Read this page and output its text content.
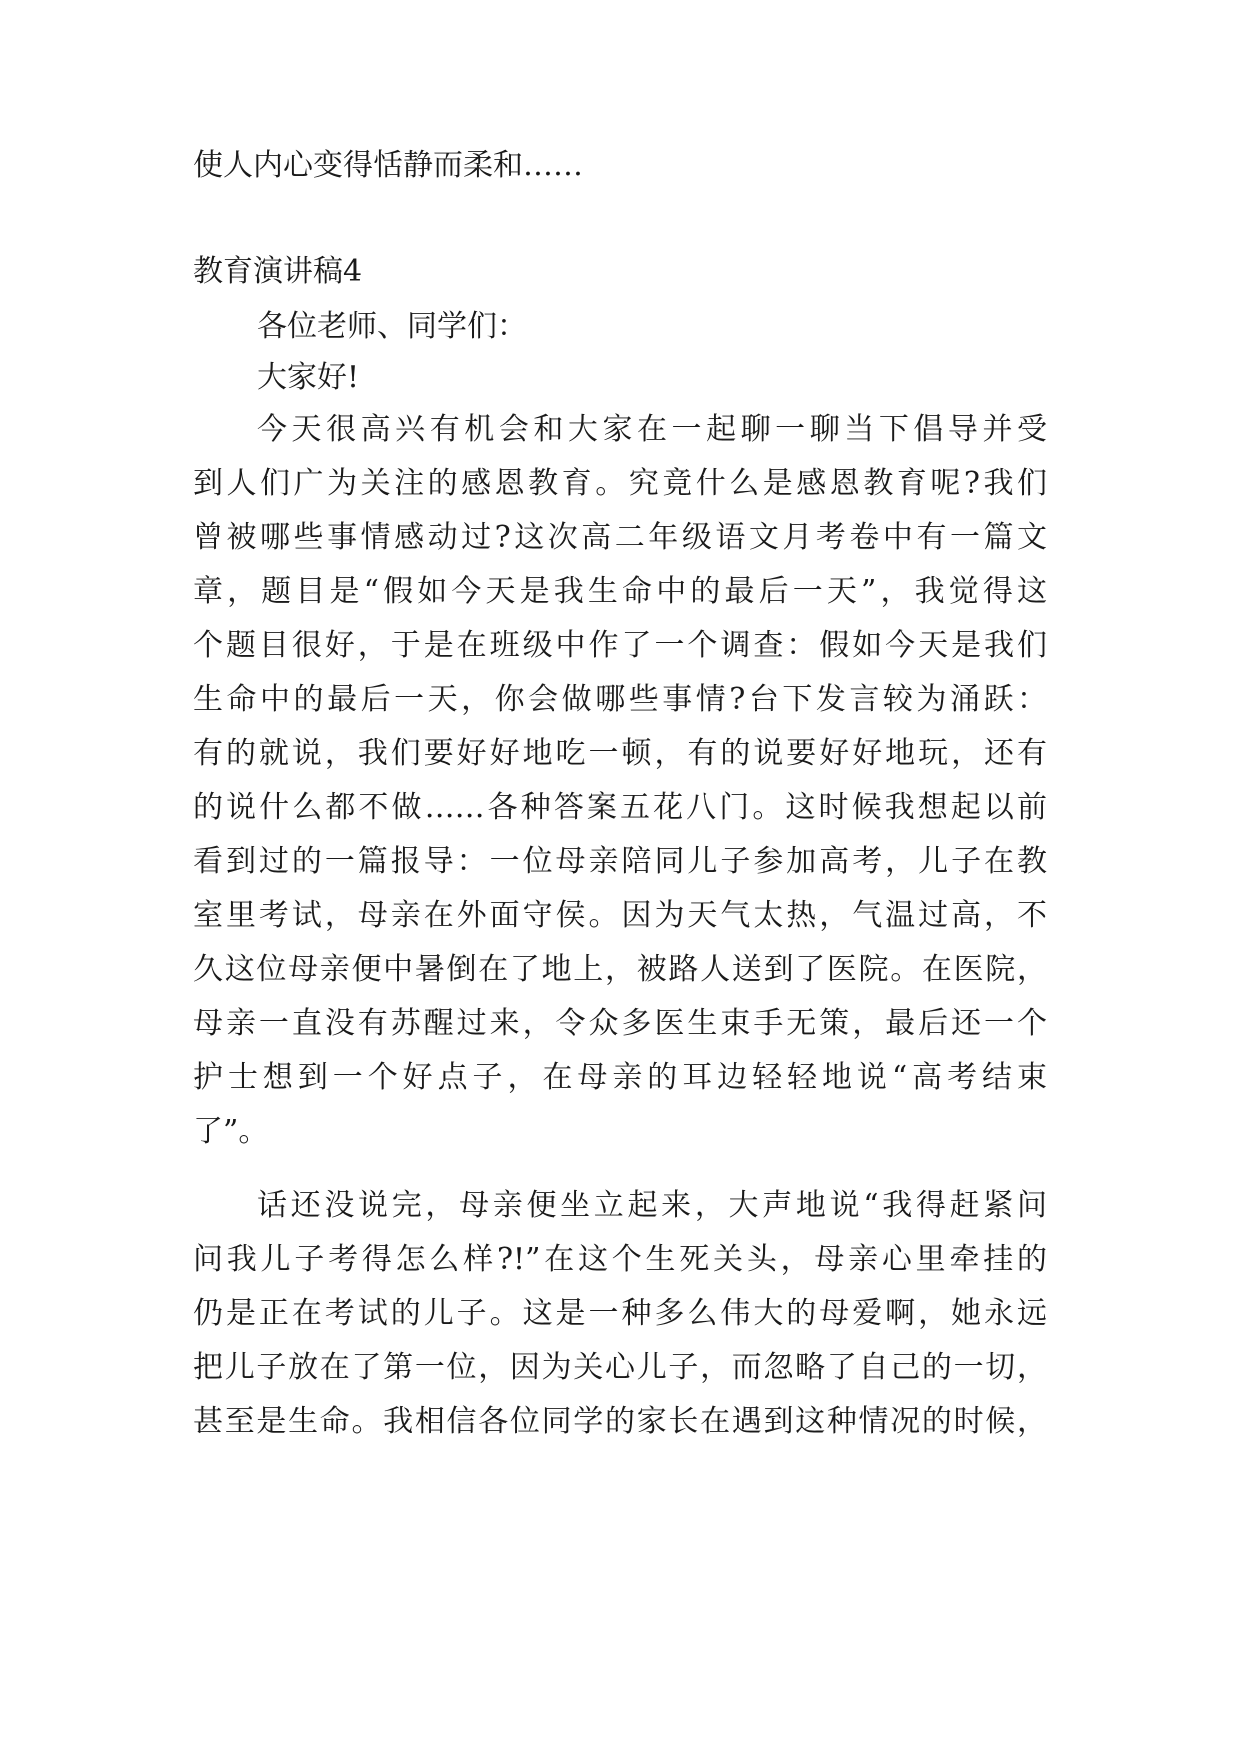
使人内心变得恬静而柔和……
教育演讲稿4
各位老师、同学们：
大家好!
今天很高兴有机会和大家在一起聊一聊当下倡导并受
到人们广为关注的感恩教育。究竟什么是感恩教育呢?我们
曾被哪些事情感动过?这次高二年级语文月考卷中有一篇文
章，题目是“假如今天是我生命中的最后一天”，我觉得这
个题目很好，于是在班级中作了一个调查：假如今天是我们
生命中的最后一天，你会做哪些事情?台下发言较为涌跃：
有的就说，我们要好好地吃一顿，有的说要好好地玩，还有
的说什么都不做……各种答案五花八门。这时候我想起以前
看到过的一篇报导：一位母亲陪同儿子参加高考，儿子在教
室里考试，母亲在外面守侯。因为天气太热，气温过高，不
久这位母亲便中暑倒在了地上，被路人送到了医院。在医院，
母亲一直没有苏醒过来，令众多医生束手无策，最后还一个
护士想到一个好点子，在母亲的耳边轻轻地说“高考结束
了”。
话还没说完，母亲便坐立起来，大声地说“我得赶紧问
问我儿子考得怎么样?!”在这个生死关头，母亲心里牵挂的
仍是正在考试的儿子。这是一种多么伟大的母爱啊，她永远
把儿子放在了第一位，因为关心儿子，而忽略了自己的一切，
甚至是生命。我相信各位同学的家长在遇到这种情况的时候，
